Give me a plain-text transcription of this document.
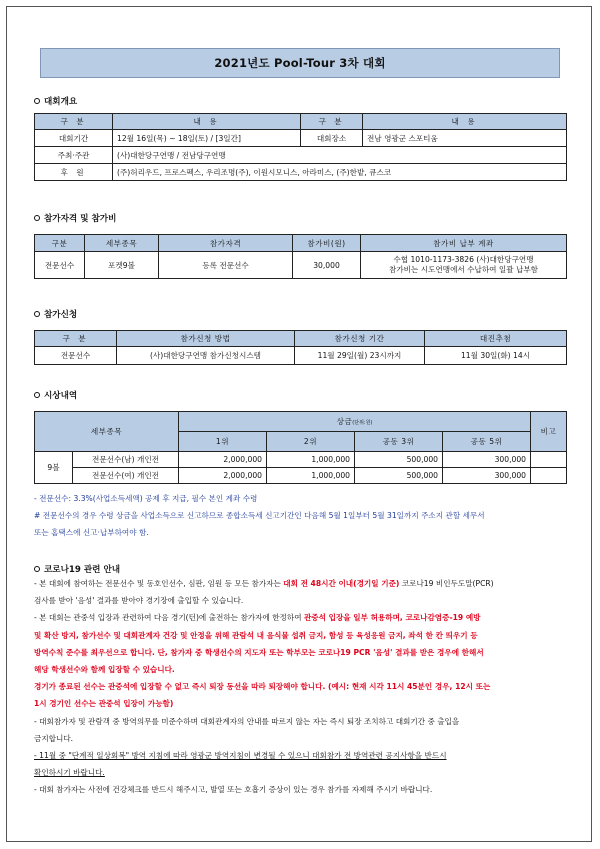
2021년도 Pool-Tour 3차 대회
대회개요
구 분	내 용	구 분	내 용
대회기간	12월 16일(목) ~ 18일(토) / [3일간]	대회장소	전남 영광군 스포티움
주최·주관	(사)대한당구연맹 / 전남당구연맹		
후 원	(주)허리우드, 프로스펙스, 우리조명(주), 이원시모니스, 아라미스, (주)한밭, 큐스코		
참가자격 및 참가비
구분	세부종목	참가자격	참가비(원)	참가비 납부 계좌
전문선수	포켓9볼	등록 전문선수	30,000	수협 1010-1173-3826 (사)대한당구연맹
참가비는 시도연맹에서 수납하여 일괄 납부함
참가신청
구 분	참가신청 방법	참가신청 기간	대진추첨
전문선수	(사)대한당구연맹 참가신청시스템	11월 29일(월) 23시까지	11월 30일(화) 14시
시상내역
세부종목		상금(단위:원)				비고
		1위	2위	공동 3위	공동 5위	
9볼	전문선수(남) 개인전	2,000,000	1,000,000	500,000	300,000	
	전문선수(여) 개인전	2,000,000	1,000,000	500,000	300,000	
- 전문선수: 3.3%(사업소득세액) 공제 후 지급, 필수 본인 계좌 수령
# 전문선수의 경우 수령 상금을 사업소득으로 신고하므로 종합소득세 신고기간인 다음해 5월 1일부터 5월 31일까지 주소지 관할 세무서
또는 홈택스에 신고·납부하여야 함.
코로나19 관련 안내
- 본 대회에 참여하는 전문선수 및 동호인선수, 심판, 임원 등 모든 참가자는 대회 전 48시간 이내(경기일 기준) 코로나19 비인두도말(PCR)
검사를 받아 '음성' 결과를 받아야 경기장에 출입할 수 있습니다.
- 본 대회는 관중석 입장과 관련하여 다음 경기(턴)에 출전하는 참가자에 한정하여 관중석 입장을 일부 허용하며, 코로나감염증-19 예방
및 확산 방지, 참가선수 및 대회관계자 건강 및 안정을 위해 관람석 내 음식물 섭취 금지, 함성 등 육성응원 금지, 좌석 한 칸 띄우기 등
방역수칙 준수를 최우선으로 합니다. 단, 참가자 중 학생선수의 지도자 또는 학부모는 코로나19 PCR '음성' 결과를 받은 경우에 한해서
해당 학생선수와 함께 입장할 수 있습니다.
경기가 종료된 선수는 관중석에 입장할 수 없고 즉시 퇴장 동선을 따라 퇴장해야 합니다. (예시: 현재 시각 11시 45분인 경우, 12시 또는
1시 경기인 선수는 관중석 입장이 가능함)
- 대회참가자 및 관람객 중 방역의무를 미준수하며 대회관계자의 안내를 따르지 않는 자는 즉시 퇴장 조치하고 대회기간 중 출입을
금지합니다.
- 11월 중 "단계적 일상회복" 방역 지침에 따라 영광군 방역지침이 변경될 수 있으니 대회참가 전 방역관련 공지사항을 반드시
확인하시기 바랍니다.
- 대회 참가자는 사전에 건강체크를 반드시 해주시고, 발열 또는 호흡기 증상이 있는 경우 참가를 자제해 주시기 바랍니다.
